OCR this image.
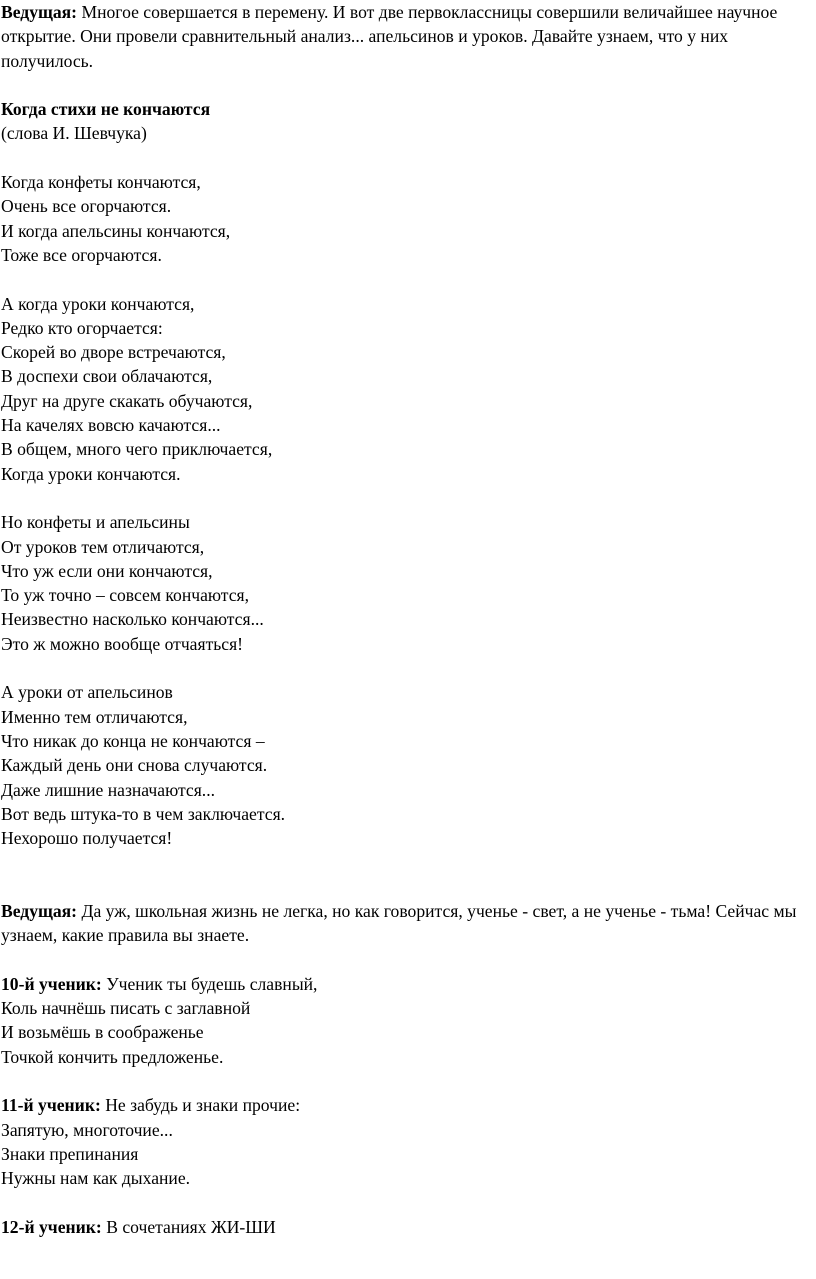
Ведущая: Многое совершается в перемену. И вот две первоклассницы совершили величайшее научное открытие. Они провели сравнительный анализ... апельсинов и уроков. Давайте узнаем, что у них получилось.

Когда стихи не кончаются
(слова И. Шевчука)
Когда конфеты кончаются,
Очень все огорчаются.
И когда апельсины кончаются,
Тоже все огорчаются.
А когда уроки кончаются,
Редко кто огорчается:
Скорей во дворе встречаются,
В доспехи свои облачаются,
Друг на друге скакать обучаются,
На качелях вовсю качаются...
В общем, много чего приключается,
Когда уроки кончаются.
Но конфеты и апельсины
От уроков тем отличаются,
Что уж если они кончаются,
То уж точно – совсем кончаются,
Неизвестно насколько кончаются...
Это ж можно вообще отчаяться!
А уроки от апельсинов
Именно тем отличаются,
Что никак до конца не кончаются –
Каждый день они снова случаются.
Даже лишние назначаются...
Вот ведь штука-то в чем заключается.
Нехорошо получается!

Ведущая: Да уж, школьная жизнь не легка, но как говорится, ученье - свет, а не ученье - тьма! Сейчас мы узнаем, какие правила вы знаете.

10-й ученик: Ученик ты будешь славный,
Коль начнёшь писать с заглавной
И возьмёшь в соображенье
Точкой кончить предложенье.
11-й ученик: Не забудь и знаки прочие:
Запятую, многоточие...
Знаки препинания
Нужны нам как дыхание.
12-й ученик: В сочетаниях ЖИ-ШИ
